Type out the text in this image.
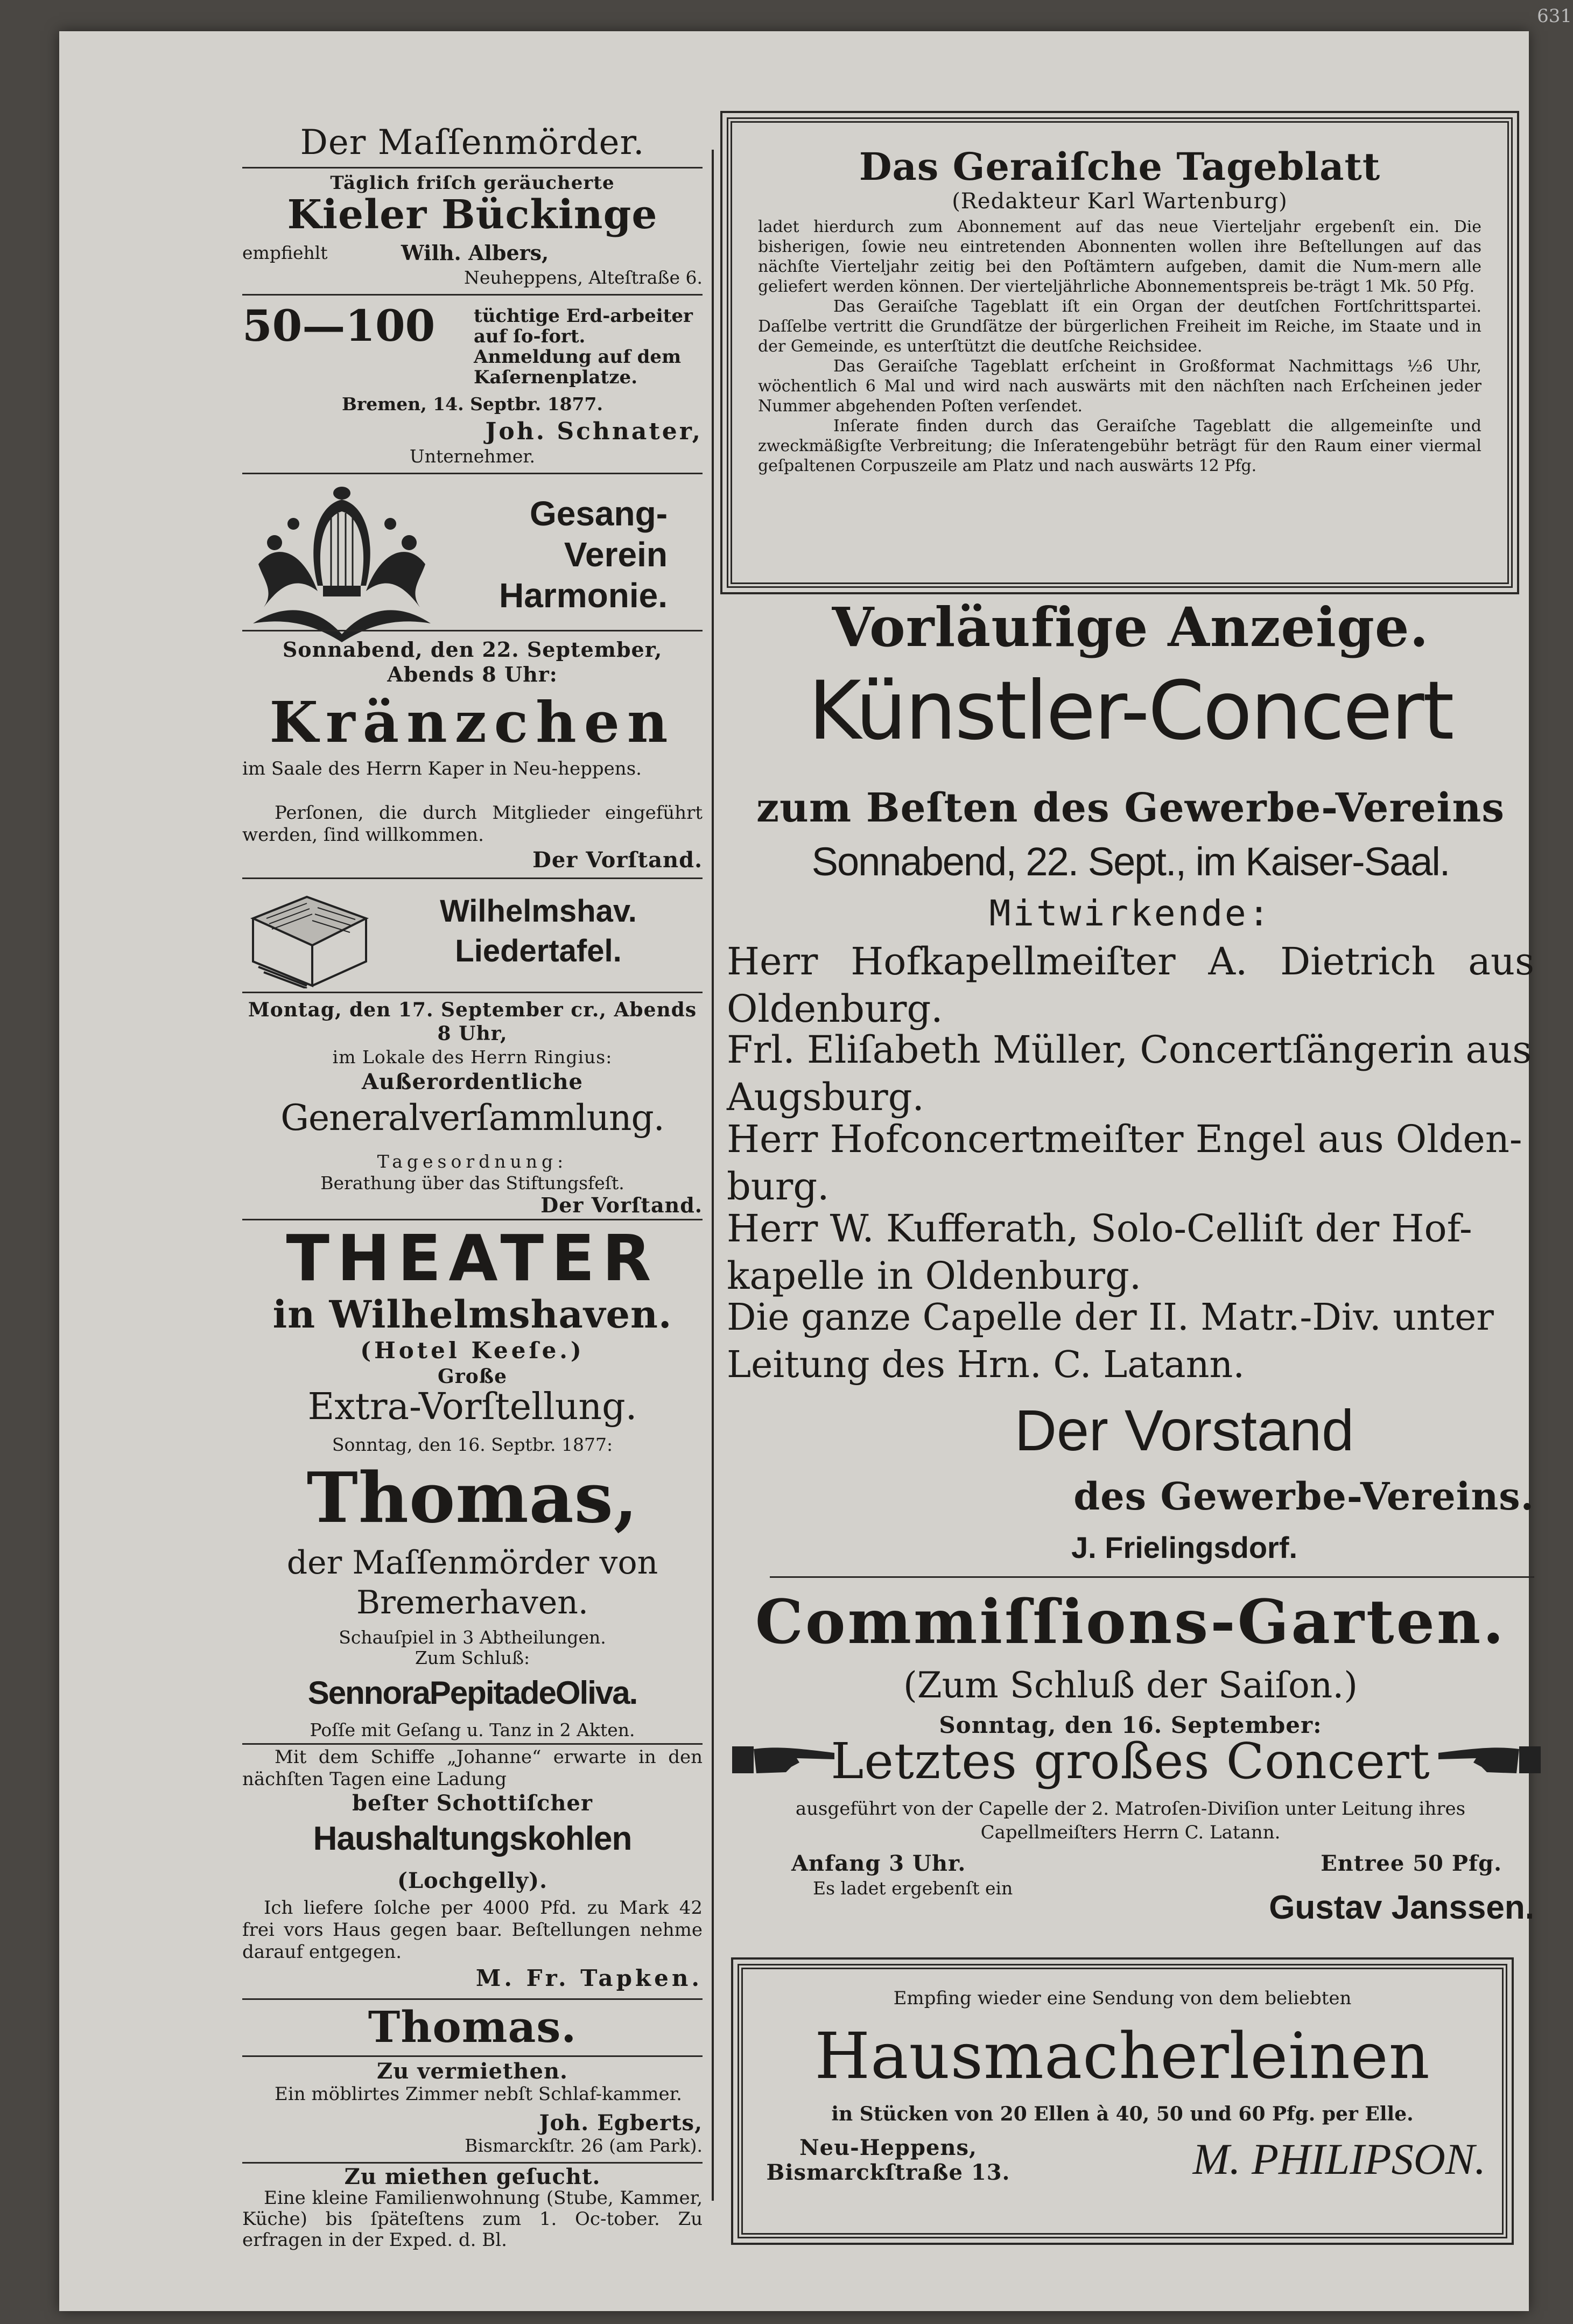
631
Der Maſſenmörder.
Täglich friſch geräucherte
Kieler Bückinge
empfiehlt	Wilh. Albers,
Neuheppens, Alteſtraße 6.
50—100	tüchtige Erd-arbeiter auf ſo-fort. Anmeldung auf dem Kaſernenplatze.
Bremen, 14. Septbr. 1877.
Joh. Schnater,
Unternehmer.
Gesang-Verein Harmonie.
Sonnabend, den 22. September, Abends 8 Uhr:
Kränzchen
im Saale des Herrn Kaper in Neu-heppens.
Perſonen, die durch Mitglieder eingeführt werden, ſind willkommen.
Der Vorſtand.
Wilhelmshav. Liedertafel.
Montag, den 17. September cr., Abends 8 Uhr,
im Lokale des Herrn Ringius:
Außerordentliche
Generalverſammlung.
Tagesordnung:
Berathung über das Stiftungsfeſt.
Der Vorſtand.
THEATER
in Wilhelmshaven.
(Hotel Keeſe.)
Große
Extra-Vorſtellung.
Sonntag, den 16. Septbr. 1877:
Thomas,
der Maſſenmörder von
Bremerhaven.
Schauſpiel in 3 Abtheilungen.
Zum Schluß:
SennoraPepitadeOliva.
Poſſe mit Geſang u. Tanz in 2 Akten.
Mit dem Schiffe „Johanne“ erwarte in den nächſten Tagen eine Ladung
beſter Schottiſcher
Haushaltungskohlen
(Lochgelly).
Ich liefere ſolche per 4000 Pfd. zu Mark 42 frei vors Haus gegen baar. Beſtellungen nehme darauf entgegen.
M. Fr. Tapken.
Thomas.
Zu vermiethen.
Ein möblirtes Zimmer nebſt Schlaf-kammer.
Joh. Egberts,
Bismarckſtr. 26 (am Park).
Zu miethen geſucht.
Eine kleine Familienwohnung (Stube, Kammer, Küche) bis ſpäteſtens zum 1. Oc-tober. Zu erfragen in der Exped. d. Bl.
Das Geraiſche Tageblatt
(Redakteur Karl Wartenburg)
ladet hierdurch zum Abonnement auf das neue Vierteljahr ergebenſt ein. Die bisherigen, ſowie neu eintretenden Abonnenten wollen ihre Beſtellungen auf das nächſte Vierteljahr zeitig bei den Poſtämtern aufgeben, damit die Num-mern alle geliefert werden können. Der vierteljährliche Abonnementspreis be-trägt 1 Mk. 50 Pfg.
Das Geraiſche Tageblatt iſt ein Organ der deutſchen Fortſchrittspartei. Daſſelbe vertritt die Grundſätze der bürgerlichen Freiheit im Reiche, im Staate und in der Gemeinde, es unterſtützt die deutſche Reichsidee.
Das Geraiſche Tageblatt erſcheint in Großformat Nachmittags ½6 Uhr, wöchentlich 6 Mal und wird nach auswärts mit den nächſten nach Erſcheinen jeder Nummer abgehenden Poſten verſendet.
Inſerate finden durch das Geraiſche Tageblatt die allgemeinſte und zweckmäßigſte Verbreitung; die Inſeratengebühr beträgt für den Raum einer viermal geſpaltenen Corpuszeile am Platz und nach auswärts 12 Pfg.
Vorläufige Anzeige.
Künstler-Concert
zum Beſten des Gewerbe-Vereins
Sonnabend, 22. Sept., im Kaiser-Saal.
Mitwirkende:
Herr Hofkapellmeiſter A. Dietrich aus Oldenburg.
Frl. Eliſabeth Müller, Concertſängerin aus Augsburg.
Herr Hofconcertmeiſter Engel aus Olden-burg.
Herr W. Kufferath, Solo-Celliſt der Hof-kapelle in Oldenburg.
Die ganze Capelle der II. Matr.-Div. unter Leitung des Hrn. C. Latann.
Der Vorstand
des Gewerbe-Vereins.
J. Frielingsdorf.
Commiſſions-Garten.
(Zum Schluß der Saiſon.)
Sonntag, den 16. September:
Letztes großes Concert
ausgeführt von der Capelle der 2. Matroſen-Diviſion unter Leitung ihres Capellmeiſters Herrn C. Latann.
Anfang 3 Uhr.	Entree 50 Pfg.
Es ladet ergebenſt ein
Gustav Janssen.
Empfing wieder eine Sendung von dem beliebten
Hausmacherleinen
in Stücken von 20 Ellen à 40, 50 und 60 Pfg. per Elle.
Neu-Heppens,
Bismarckſtraße 13.	M. PHILIPSON.
